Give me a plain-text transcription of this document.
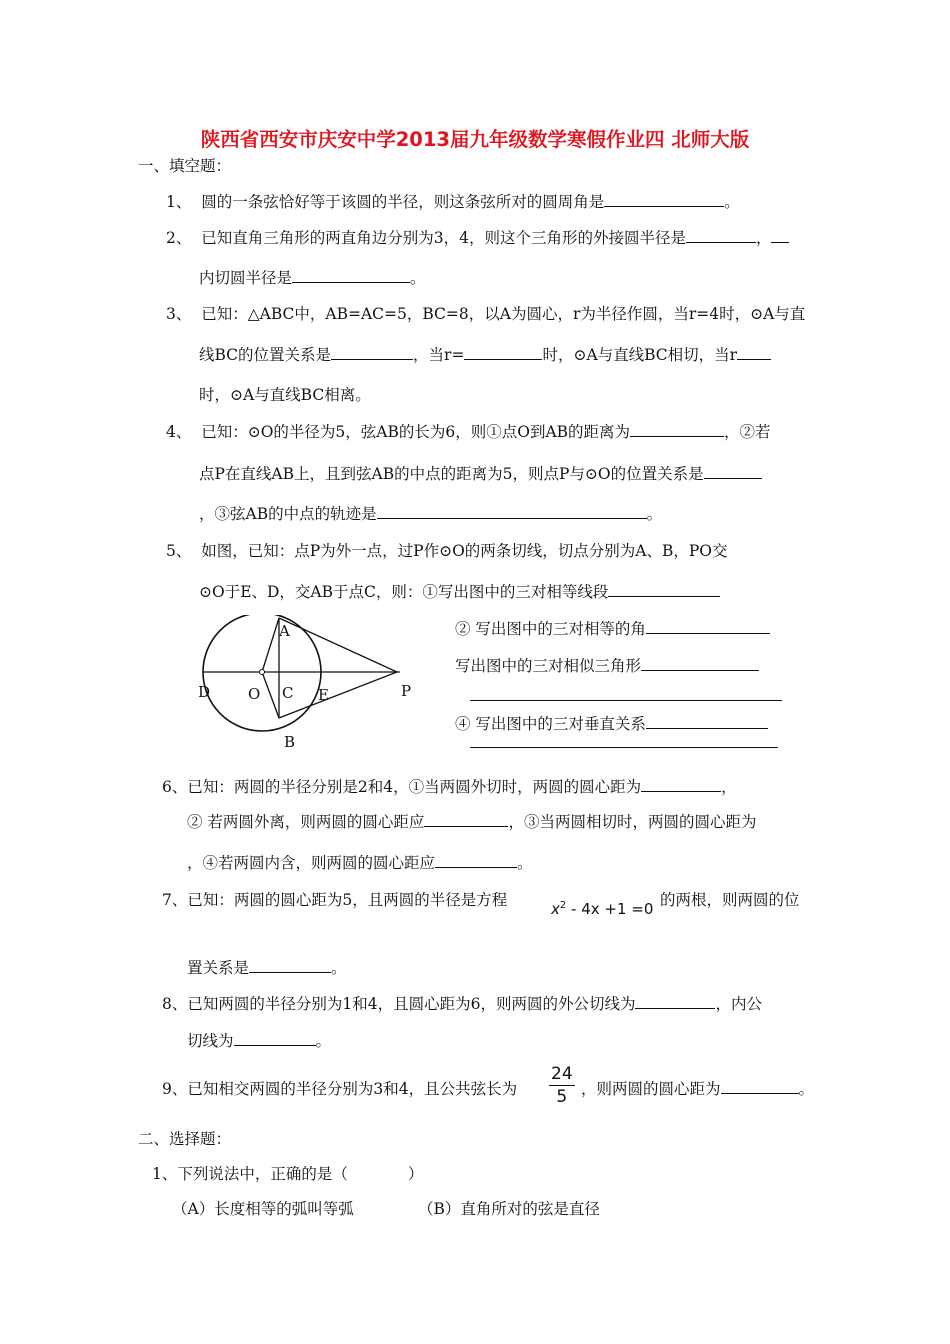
陕西省西安市庆安中学2013届九年级数学寒假作业四 北师大版
一、填空题：
1、 圆的一条弦恰好等于该圆的半径，则这条弦所对的圆周角是	。
2、 已知直角三角形的两直角边分别为3，4，则这个三角形的外接圆半径是	，
内切圆半径是	。
3、 已知：△ABC中，AB=AC=5，BC=8，以A为圆心，r为半径作圆，当r=4时，⊙A与直
线BC的位置关系是	，当r=	时，⊙A与直线BC相切，当r
时，⊙A与直线BC相离。
4、 已知：⊙O的半径为5，弦AB的长为6，则①点O到AB的距离为	，②若
点P在直线AB上，且到弦AB的中点的距离为5，则点P与⊙O的位置关系是
，③弦AB的中点的轨迹是	。
5、 如图，已知：点P为外一点，过P作⊙O的两条切线，切点分别为A、B，PO交
⊙O于E、D，交AB于点C，则：①写出图中的三对相等线段
A
B
C
D	E
O	P
② 写出图中的三对相等的角
写出图中的三对相似三角形
④ 写出图中的三对垂直关系
6、已知：两圆的半径分别是2和4，①当两圆外切时，两圆的圆心距为	，
② 若两圆外离，则两圆的圆心距应	，③当两圆相切时，两圆的圆心距为
，④若两圆内含，则两圆的圆心距应	。
7、已知：两圆的圆心距为5，且两圆的半径是方程	$x^2 - 4x +1 =0$ 的两根，则两圆的位
置关系是	。
8、已知两圆的半径分别为1和4，且圆心距为6，则两圆的外公切线为	，内公
切线为	。
9、已知相交两圆的半径分别为3和4，且公共弦长为 $\frac{24}{5}$ ，则两圆的圆心距为	。
二、选择题：
1、下列说法中，正确的是（	）
（A）长度相等的弧叫等弧	（B）直角所对的弦是直径
